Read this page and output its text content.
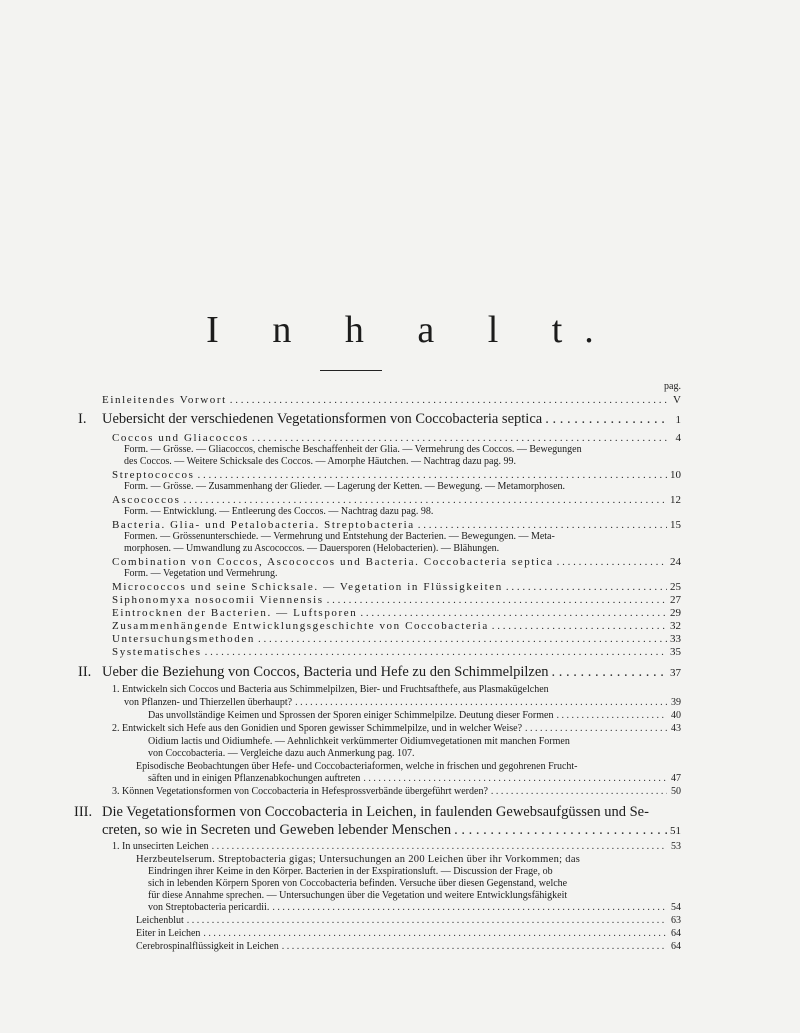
I n h a l t.
pag.
Einleitendes Vorwort . . .	V
I. Uebersicht der verschiedenen Vegetationsformen von Coccobacteria septica . . .	1
Coccos und Gliacoccos . . .	4
Form. — Grösse. — Gliacoccos, chemische Beschaffenheit der Glia. — Vermehrung des Coccos. — Bewegungen
des Coccos. — Weitere Schicksale des Coccos. — Amorphe Häutchen. — Nachtrag dazu pag. 99.
Streptococcos . . .	10
Form. — Grösse. — Zusammenhang der Glieder. — Lagerung der Ketten. — Bewegung. — Metamorphosen.
Ascococcos . . .	12
Form. — Entwicklung. — Entleerung des Coccos. — Nachtrag dazu pag. 98.
Bacteria. Glia- und Petalobacteria. Streptobacteria . . .	15
Formen. — Grössenunterschiede. — Vermehrung und Entstehung der Bacterien. — Bewegungen. — Meta-
morphosen. — Umwandlung zu Ascococcos. — Dauersporen (Helobacterien). — Blähungen.
Combination von Coccos, Ascococcos und Bacteria. Coccobacteria septica . . .	24
Form. — Vegetation und Vermehrung.
Micrococcos und seine Schicksale. — Vegetation in Flüssigkeiten . . .	25
Siphonomyxa nosocomii Viennensis . . .	27
Eintrocknen der Bacterien. — Luftsporen . . .	29
Zusammenhängende Entwicklungsgeschichte von Coccobacteria . . .	32
Untersuchungsmethoden . . .	33
Systematisches . . .	35
II. Ueber die Beziehung von Coccos, Bacteria und Hefe zu den Schimmelpilzen . . .	37
1. Entwickeln sich Coccos und Bacteria aus Schimmelpilzen, Bier- und Fruchtsafthefe, aus Plasmakügelchen
von Pflanzen- und Thierzellen überhaupt? . . .	39
Das unvollständige Keimen und Sprossen der Sporen einiger Schimmelpilze. Deutung dieser Formen . . .	40
2. Entwickelt sich Hefe aus den Gonidien und Sporen gewisser Schimmelpilze, und in welcher Weise? . . .	43
Oidium lactis und Oidiumhefe. — Aehnlichkeit verkümmerter Oidiumvegetationen mit manchen Formen
von Coccobacteria. — Vergleiche dazu auch Anmerkung pag. 107.
Episodische Beobachtungen über Hefe- und Coccobacteriaformen, welche in frischen und gegohrenen Frucht-
säften und in einigen Pflanzenabkochungen auftreten . . .	47
3. Können Vegetationsformen von Coccobacteria in Hefesprossverbände übergeführt werden? . . .	50
III. Die Vegetationsformen von Coccobacteria in Leichen, in faulenden Gewebsaufgüssen und Se-
creten, so wie in Secreten und Geweben lebender Menschen . . .	51
1. In unsecirten Leichen . . .	53
Herzbeutelserum. Streptobacteria gigas; Untersuchungen an 200 Leichen über ihr Vorkommen; das
Eindringen ihrer Keime in den Körper. Bacterien in der Exspirationsluft. — Discussion der Frage, ob
sich in lebenden Körpern Sporen von Coccobacteria befinden. Versuche über diesen Gegenstand, welche
für diese Annahme sprechen. — Untersuchungen über die Vegetation und weitere Entwicklungsfähigkeit
von Streptobacteria pericardii. . . .	54
Leichenblut . . .	63
Eiter in Leichen . . .	64
Cerebrospinalflüssigkeit in Leichen . . .	64
